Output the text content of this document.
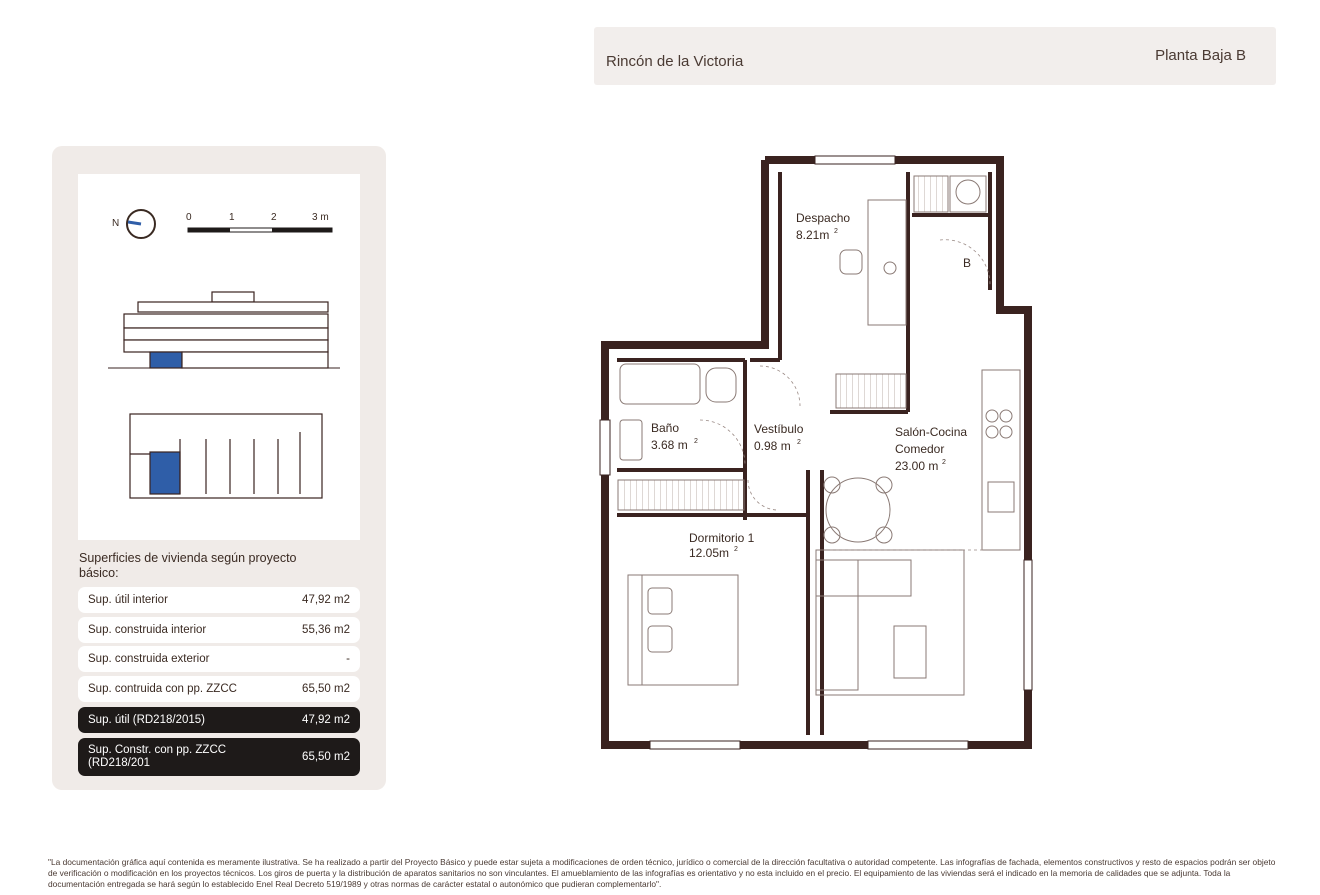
Rincón de la Victoria	Planta Baja B
N
0	1	2	3 m
Superficies de vivienda según proyecto básico:
Sup. útil interior	47,92 m2
Sup. construida interior	55,36 m2
Sup. construida exterior	-
Sup. contruida con pp. ZZCC	65,50 m2
Sup. útil (RD218/2015)	47,92 m2
Sup. Constr. con pp. ZZCC
(RD218/201	65,50 m2
Despacho
8.21m 2
Baño
3.68 m 2
Vestíbulo
0.98 m 2
Salón-Cocina
Comedor
23.00 m 2
Dormitorio 1
12.05m 2
B
"La documentación gráfica aquí contenida es meramente ilustrativa. Se ha realizado a partir del Proyecto Básico y puede estar sujeta a modificaciones de orden técnico, jurídico o comercial de la dirección facultativa o autoridad competente. Las infografías de fachada, elementos constructivos y resto de espacios podrán ser objeto de verificación o modificación en los proyectos técnicos. Los giros de puerta y la distribución de aparatos sanitarios no son vinculantes. El amueblamiento de las infografías es orientativo y no esta incluido en el precio. El equipamiento de las viviendas será el indicado en la memoria de calidades que se adjunta. Toda la documentación entregada se hará según lo establecido Enel Real Decreto 519/1989 y otras normas de carácter estatal o autonómico que pudieran complementarlo".
